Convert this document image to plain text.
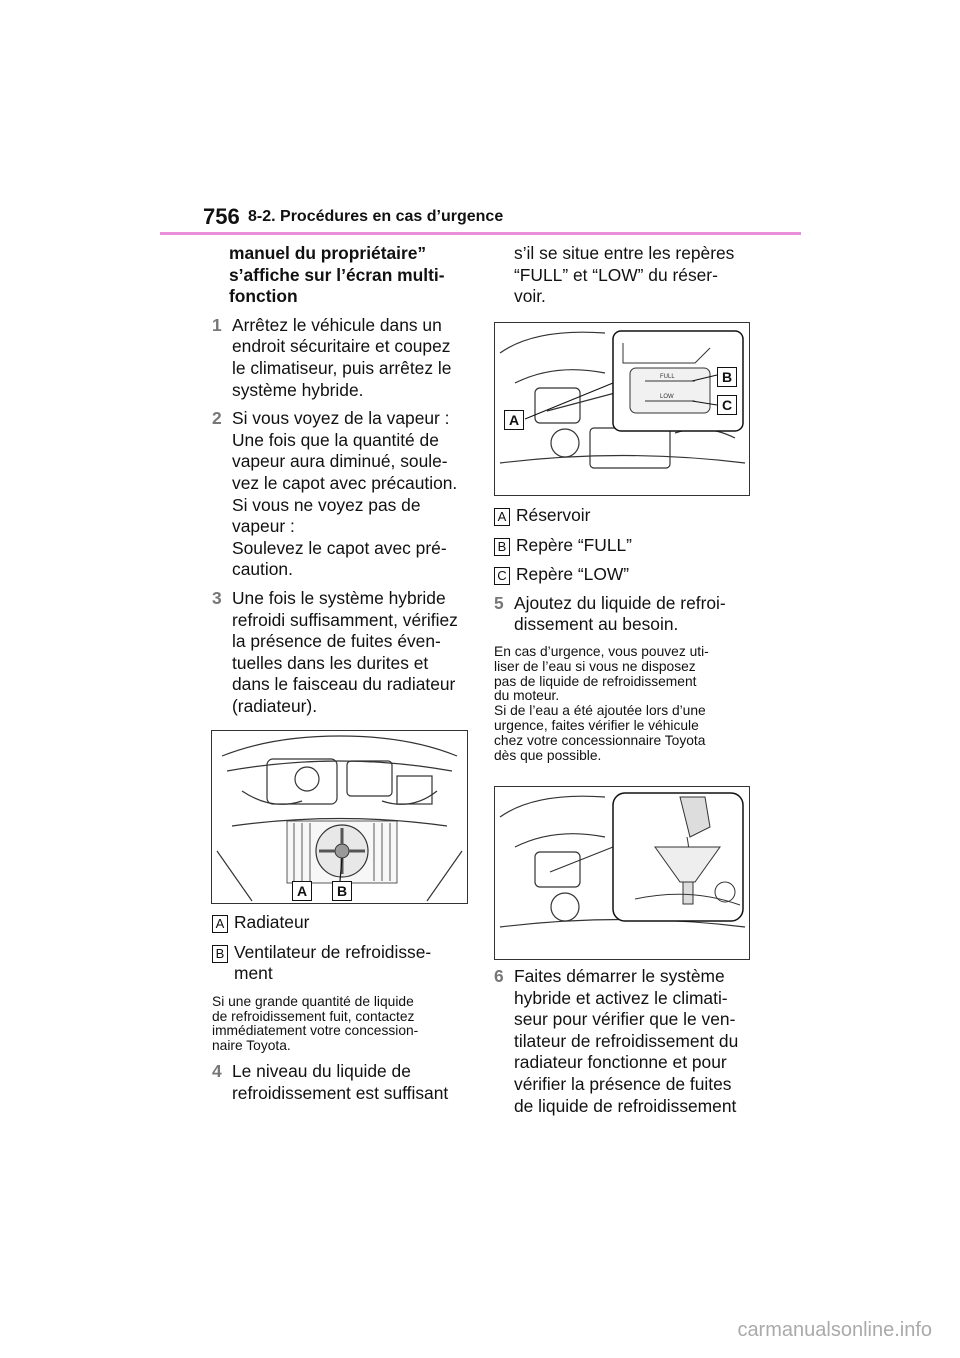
756 8-2. Procédures en cas d’urgence

manuel du propriétaire”
s’affiche sur l’écran multi-
fonction

1 Arrêtez le véhicule dans un
endroit sécuritaire et coupez
le climatiseur, puis arrêtez le
système hybride.
2 Si vous voyez de la vapeur :
Une fois que la quantité de
vapeur aura diminué, soule-
vez le capot avec précaution.
Si vous ne voyez pas de
vapeur :
Soulevez le capot avec pré-
caution.
3 Une fois le système hybride
refroidi suffisamment, vérifiez
la présence de fuites éven-
tuelles dans les durites et
dans le faisceau du radiateur
(radiateur).
A	B
A Radiateur
B Ventilateur de refroidisse-
ment

Si une grande quantité de liquide
de refroidissement fuit, contactez
immédiatement votre concession-
naire Toyota.

4 Le niveau du liquide de
refroidissement est suffisant

s’il se situe entre les repères
“FULL” et “LOW” du réser-
voir.

FULL
LOW
B
C
A
A Réservoir
B Repère “FULL”
C Repère “LOW”
5 Ajoutez du liquide de refroi-
dissement au besoin.

En cas d’urgence, vous pouvez uti-
liser de l’eau si vous ne disposez
pas de liquide de refroidissement
du moteur.
Si de l’eau a été ajoutée lors d’une
urgence, faites vérifier le véhicule
chez votre concessionnaire Toyota
dès que possible.

6 Faites démarrer le système
hybride et activez le climati-
seur pour vérifier que le ven-
tilateur de refroidissement du
radiateur fonctionne et pour
vérifier la présence de fuites
de liquide de refroidissement
carmanualsonline.info
